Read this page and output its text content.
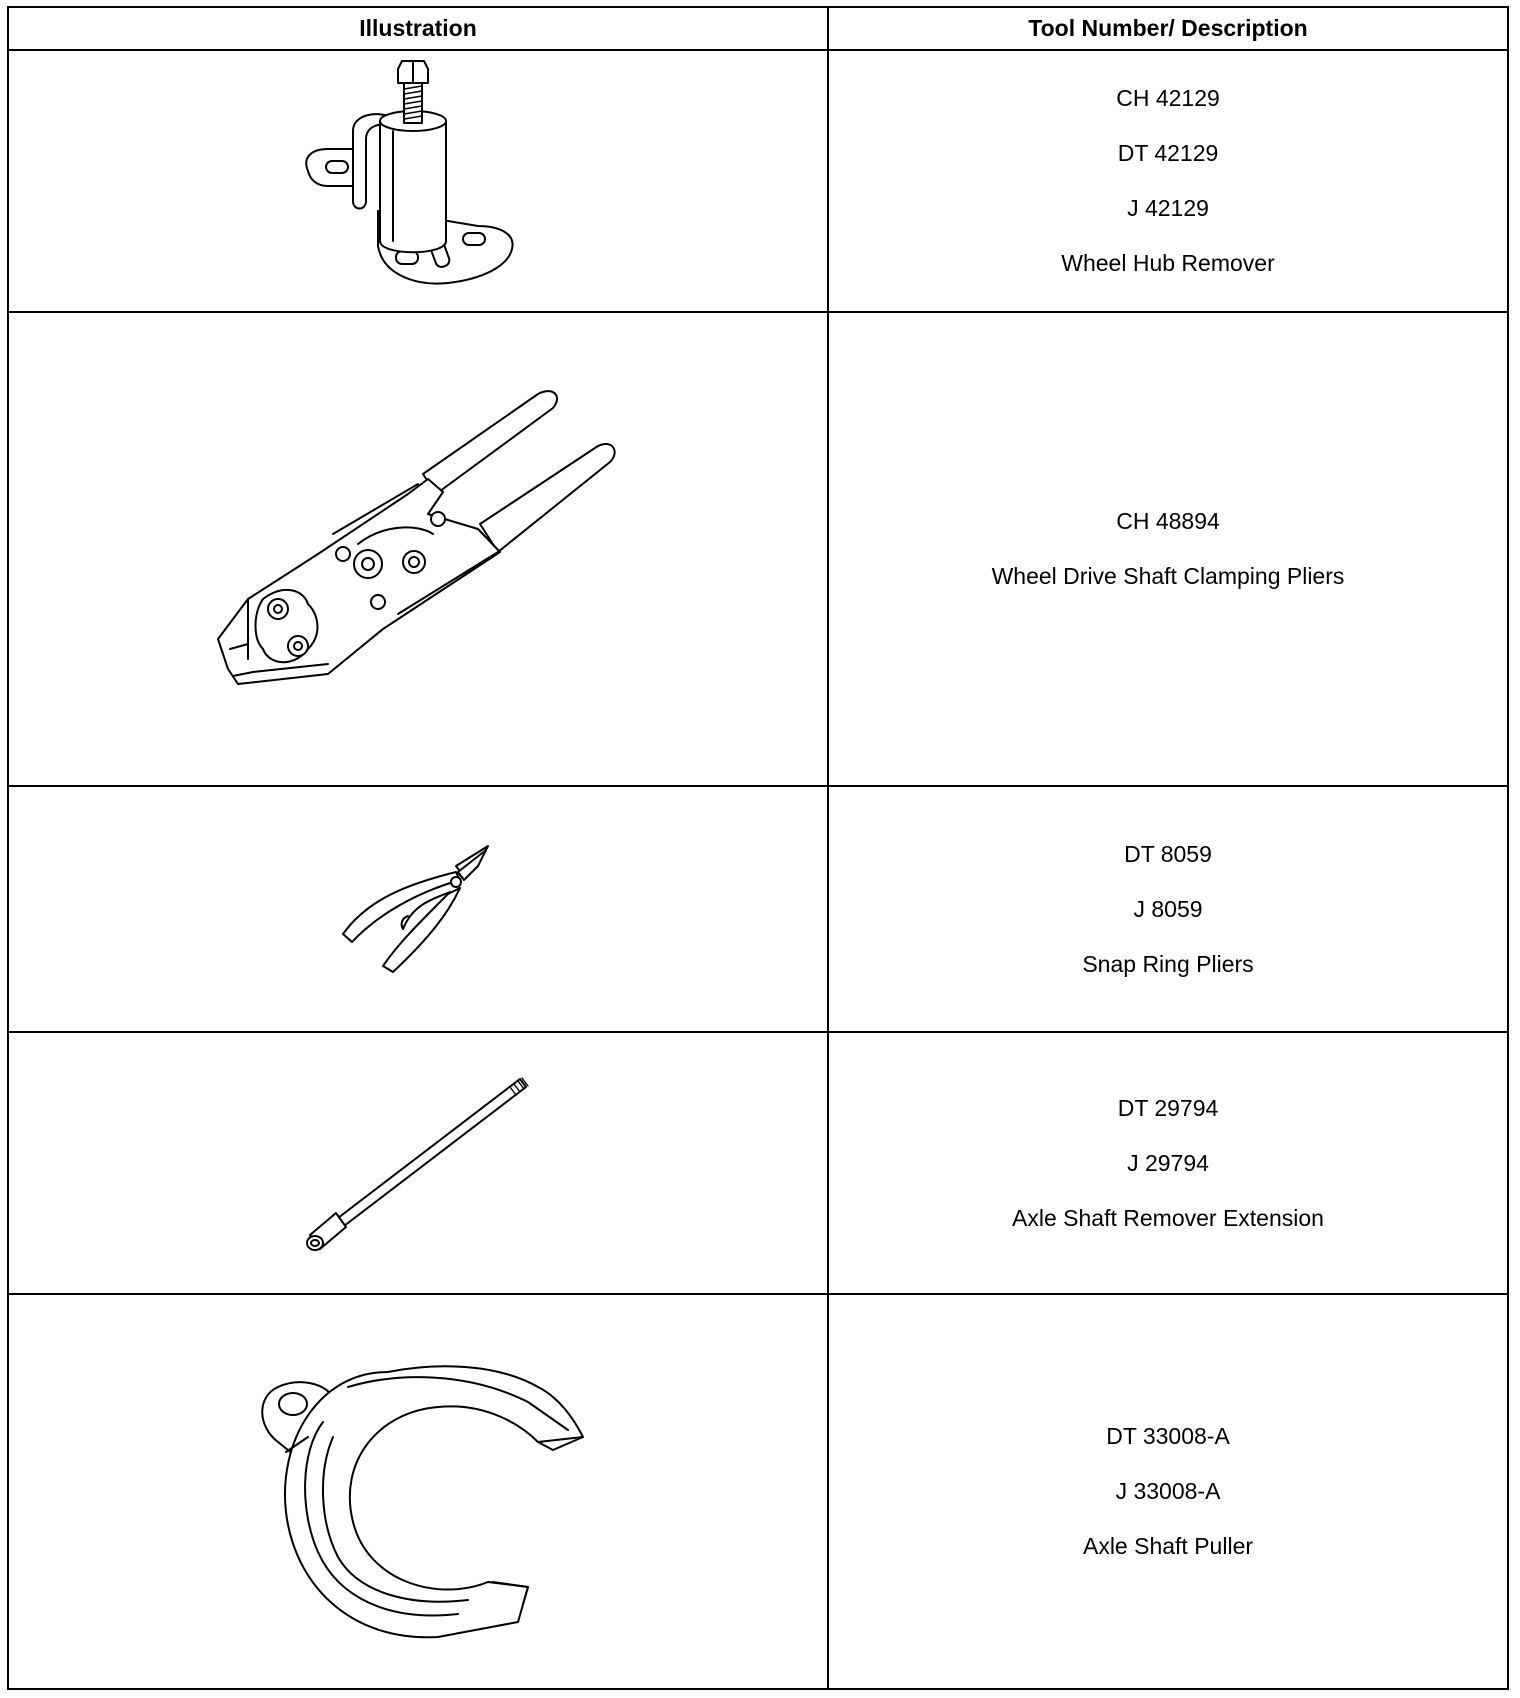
Illustration	Tool Number/ Description

CH 42129
DT 42129
J 42129
Wheel Hub Remover

CH 48894
Wheel Drive Shaft Clamping Pliers

DT 8059
J 8059
Snap Ring Pliers

DT 29794
J 29794
Axle Shaft Remover Extension

DT 33008-A
J 33008-A
Axle Shaft Puller
